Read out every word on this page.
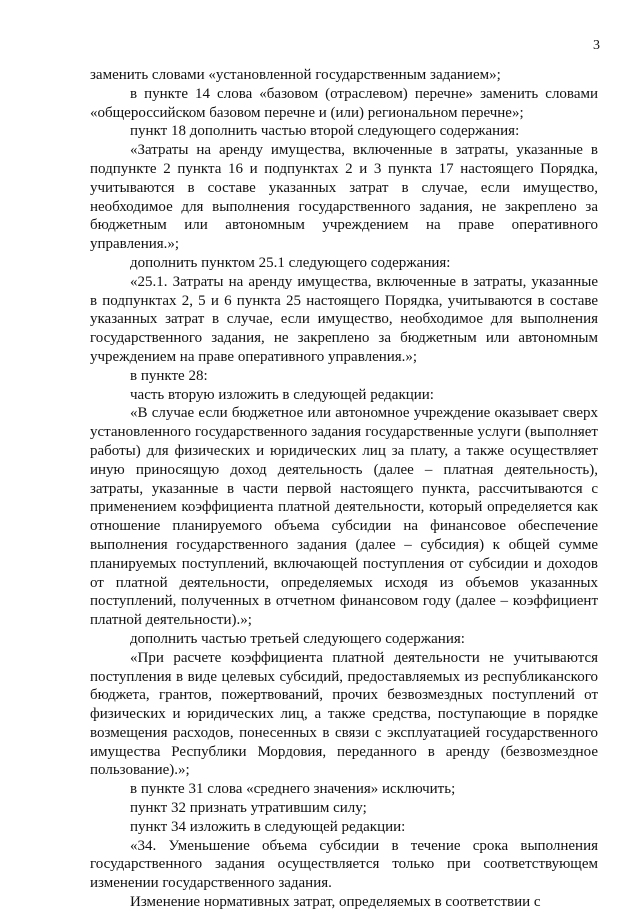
3

заменить словами «установленной государственным заданием»;

в пункте 14 слова «базовом (отраслевом) перечне» заменить словами «общероссийском базовом перечне и (или) региональном перечне»;

пункт 18 дополнить частью второй следующего содержания:

«Затраты на аренду имущества, включенные в затраты, указанные в подпункте 2 пункта 16 и подпунктах 2 и 3 пункта 17 настоящего Порядка, учитываются в составе указанных затрат в случае, если имущество, необходимое для выполнения государственного задания, не закреплено за бюджетным или автономным учреждением на праве оперативного управления.»;

дополнить пунктом 25.1 следующего содержания:

«25.1. Затраты на аренду имущества, включенные в затраты, указанные в подпунктах 2, 5 и 6 пункта 25 настоящего Порядка, учитываются в составе указанных затрат в случае, если имущество, необходимое для выполнения государственного задания, не закреплено за бюджетным или автономным учреждением на праве оперативного управления.»;

в пункте 28:

часть вторую изложить в следующей редакции:

«В случае если бюджетное или автономное учреждение оказывает сверх установленного государственного задания государственные услуги (выполняет работы) для физических и юридических лиц за плату, а также осуществляет иную приносящую доход деятельность (далее – платная деятельность), затраты, указанные в части первой настоящего пункта, рассчитываются с применением коэффициента платной деятельности, который определяется как отношение планируемого объема субсидии на финансовое обеспечение выполнения государственного задания (далее – субсидия) к общей сумме планируемых поступлений, включающей поступления от субсидии и доходов от платной деятельности, определяемых исходя из объемов указанных поступлений, полученных в отчетном финансовом году (далее – коэффициент платной деятельности).»;

дополнить частью третьей следующего содержания:

«При расчете коэффициента платной деятельности не учитываются поступления в виде целевых субсидий, предоставляемых из республиканского бюджета, грантов, пожертвований, прочих безвозмездных поступлений от физических и юридических лиц, а также средства, поступающие в порядке возмещения расходов, понесенных в связи с эксплуатацией государственного имущества Республики Мордовия, переданного в аренду (безвозмездное пользование).»;

в пункте 31 слова «среднего значения» исключить;

пункт 32 признать утратившим силу;

пункт 34 изложить в следующей редакции:

«34. Уменьшение объема субсидии в течение срока выполнения государственного задания осуществляется только при соответствующем изменении государственного задания.

Изменение нормативных затрат, определяемых в соответствии с
